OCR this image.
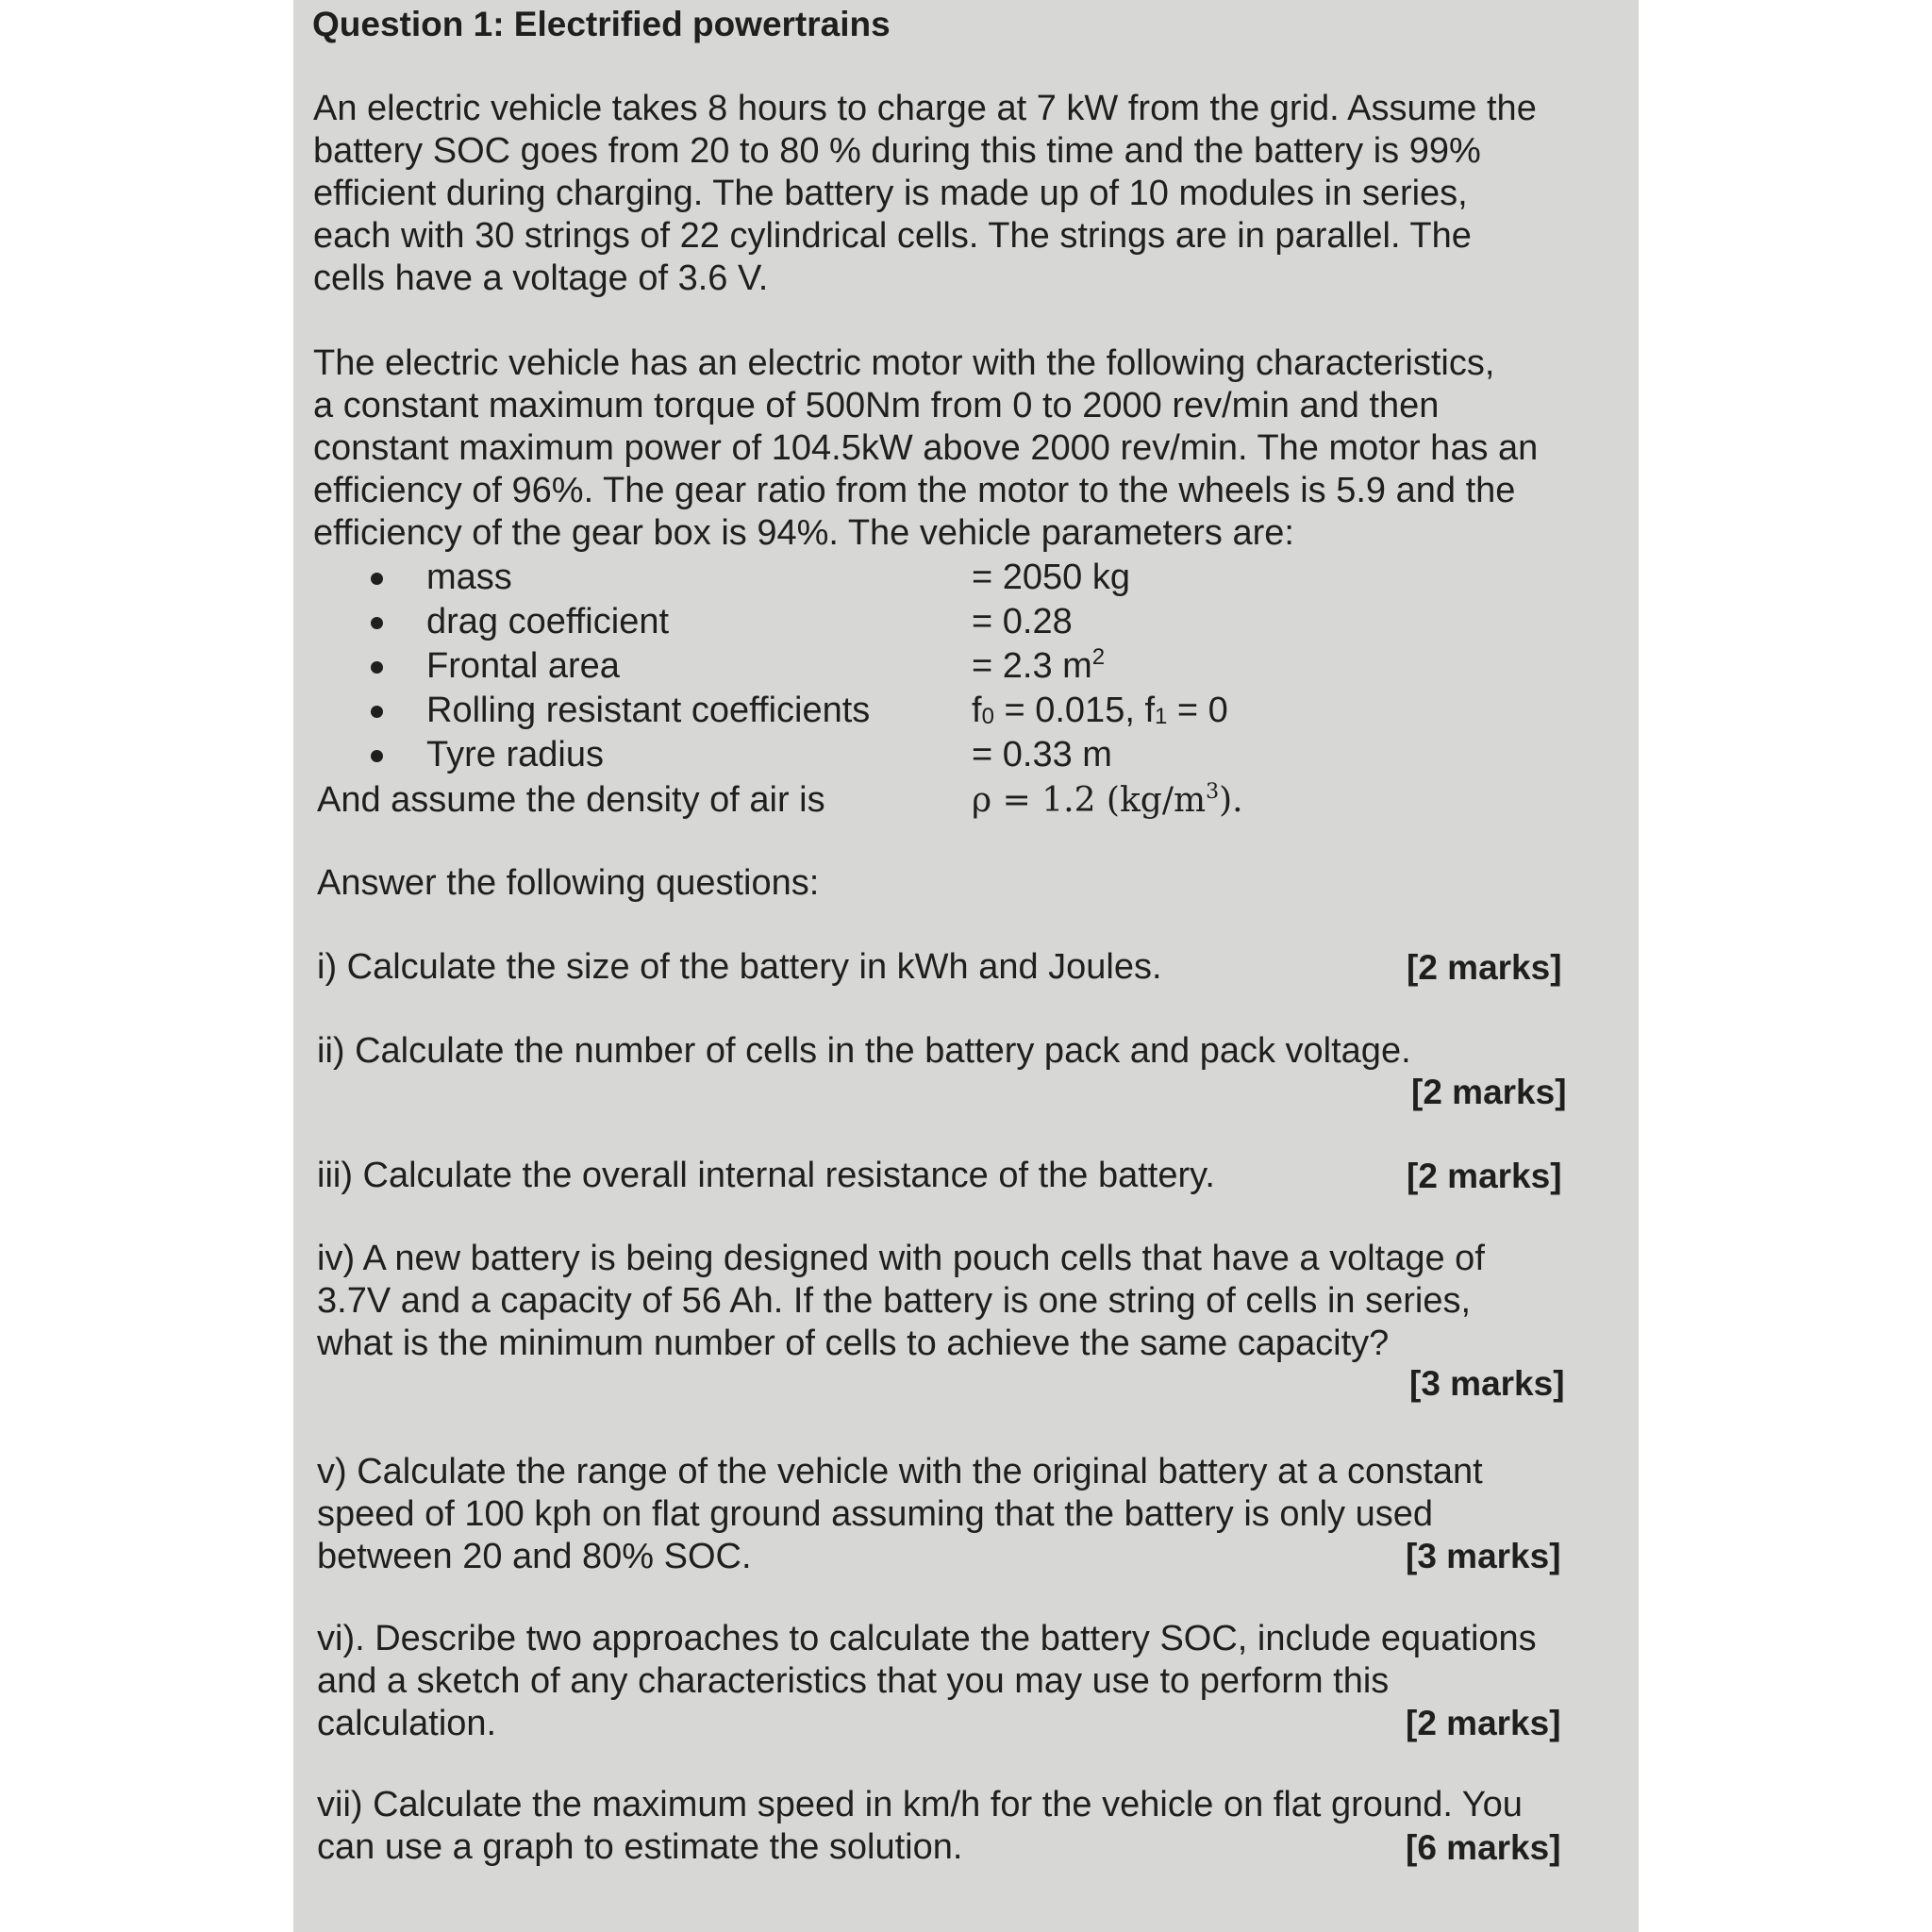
Question 1: Electrified powertrains
An electric vehicle takes 8 hours to charge at 7 kW from the grid. Assume the
battery SOC goes from 20 to 80 % during this time and the battery is 99%
efficient during charging. The battery is made up of 10 modules in series,
each with 30 strings of 22 cylindrical cells. The strings are in parallel. The
cells have a voltage of 3.6 V.
The electric vehicle has an electric motor with the following characteristics,
a constant maximum torque of 500Nm from 0 to 2000 rev/min and then
constant maximum power of 104.5kW above 2000 rev/min. The motor has an
efficiency of 96%. The gear ratio from the motor to the wheels is 5.9 and the
efficiency of the gear box is 94%. The vehicle parameters are:
mass	= 2050 kg
drag coefficient	= 0.28
Frontal area	= 2.3 $m^2$
Rolling resistant coefficients	$f_0 = 0.015$, $f_1 = 0$
Tyre radius	= 0.33 m
And assume the density of air is	ρ = 1.2 $(kg/m^3)$.
Answer the following questions:
i) Calculate the size of the battery in kWh and Joules.	[2 marks]
ii) Calculate the number of cells in the battery pack and pack voltage.
[2 marks]
iii) Calculate the overall internal resistance of the battery.	[2 marks]
iv) A new battery is being designed with pouch cells that have a voltage of
3.7V and a capacity of 56 Ah. If the battery is one string of cells in series,
what is the minimum number of cells to achieve the same capacity?
[3 marks]
v) Calculate the range of the vehicle with the original battery at a constant
speed of 100 kph on flat ground assuming that the battery is only used
between 20 and 80% SOC.	[3 marks]
vi). Describe two approaches to calculate the battery SOC, include equations
and a sketch of any characteristics that you may use to perform this
calculation.	[2 marks]
vii) Calculate the maximum speed in km/h for the vehicle on flat ground. You
can use a graph to estimate the solution.	[6 marks]
